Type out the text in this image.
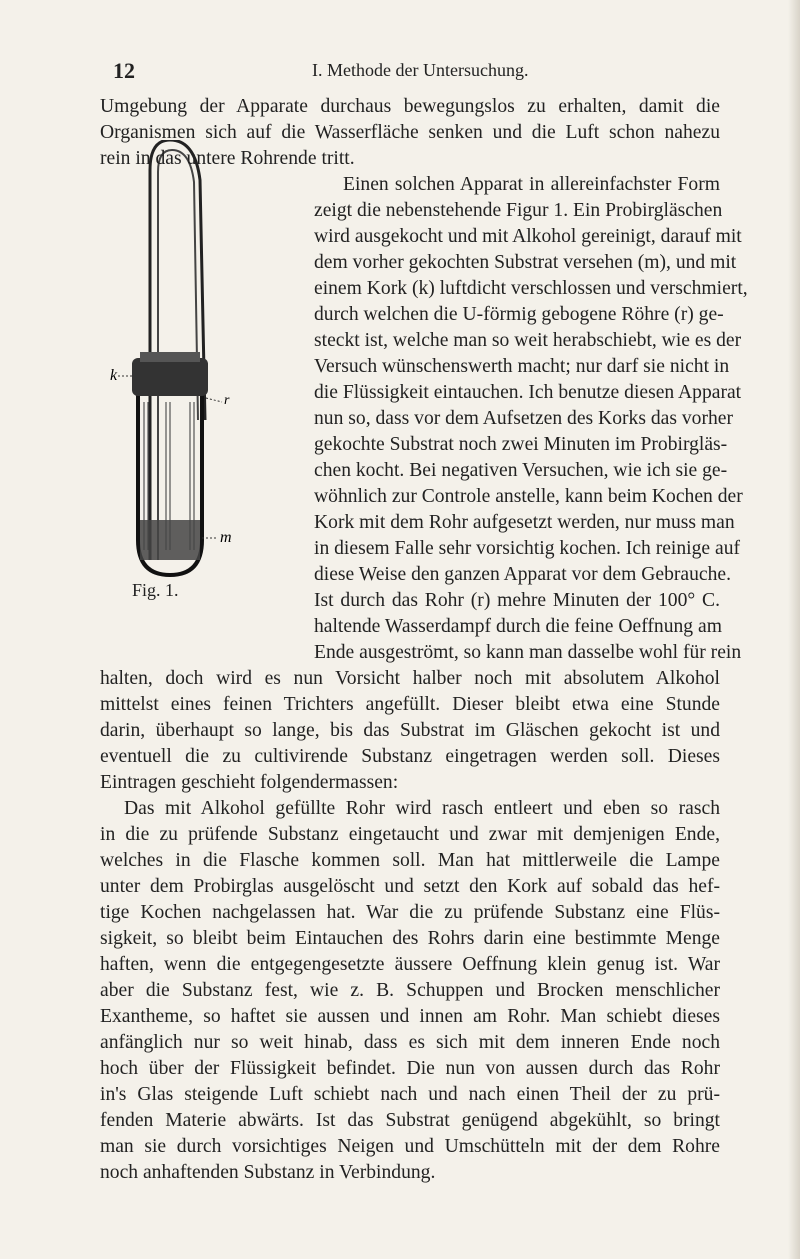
12	I. Methode der Untersuchung.
k
r
m
Fig. 1.
Umgebung der Apparate durchaus bewegungslos zu erhalten, damit die
Organismen sich auf die Wasserfläche senken und die Luft schon nahezu
rein in das untere Rohrende tritt.
Einen solchen Apparat in allereinfachster Form
zeigt die nebenstehende Figur 1. Ein Probirgläschen
wird ausgekocht und mit Alkohol gereinigt, darauf mit
dem vorher gekochten Substrat versehen (m), und mit
einem Kork (k) luftdicht verschlossen und verschmiert,
durch welchen die U-förmig gebogene Röhre (r) ge-
steckt ist, welche man so weit herabschiebt, wie es der
Versuch wünschenswerth macht; nur darf sie nicht in
die Flüssigkeit eintauchen. Ich benutze diesen Apparat
nun so, dass vor dem Aufsetzen des Korks das vorher
gekochte Substrat noch zwei Minuten im Probirgläs-
chen kocht. Bei negativen Versuchen, wie ich sie ge-
wöhnlich zur Controle anstelle, kann beim Kochen der
Kork mit dem Rohr aufgesetzt werden, nur muss man
in diesem Falle sehr vorsichtig kochen. Ich reinige auf
diese Weise den ganzen Apparat vor dem Gebrauche.
Ist durch das Rohr (r) mehre Minuten der 100° C.
haltende Wasserdampf durch die feine Oeffnung am
Ende ausgeströmt, so kann man dasselbe wohl für rein
halten, doch wird es nun Vorsicht halber noch mit absolutem Alkohol
mittelst eines feinen Trichters angefüllt. Dieser bleibt etwa eine Stunde
darin, überhaupt so lange, bis das Substrat im Gläschen gekocht ist und
eventuell die zu cultivirende Substanz eingetragen werden soll. Dieses
Eintragen geschieht folgendermassen:
Das mit Alkohol gefüllte Rohr wird rasch entleert und eben so rasch
in die zu prüfende Substanz eingetaucht und zwar mit demjenigen Ende,
welches in die Flasche kommen soll. Man hat mittlerweile die Lampe
unter dem Probirglas ausgelöscht und setzt den Kork auf sobald das hef-
tige Kochen nachgelassen hat. War die zu prüfende Substanz eine Flüs-
sigkeit, so bleibt beim Eintauchen des Rohrs darin eine bestimmte Menge
haften, wenn die entgegengesetzte äussere Oeffnung klein genug ist. War
aber die Substanz fest, wie z. B. Schuppen und Brocken menschlicher
Exantheme, so haftet sie aussen und innen am Rohr. Man schiebt dieses
anfänglich nur so weit hinab, dass es sich mit dem inneren Ende noch
hoch über der Flüssigkeit befindet. Die nun von aussen durch das Rohr
in's Glas steigende Luft schiebt nach und nach einen Theil der zu prü-
fenden Materie abwärts. Ist das Substrat genügend abgekühlt, so bringt
man sie durch vorsichtiges Neigen und Umschütteln mit der dem Rohre
noch anhaftenden Substanz in Verbindung.
